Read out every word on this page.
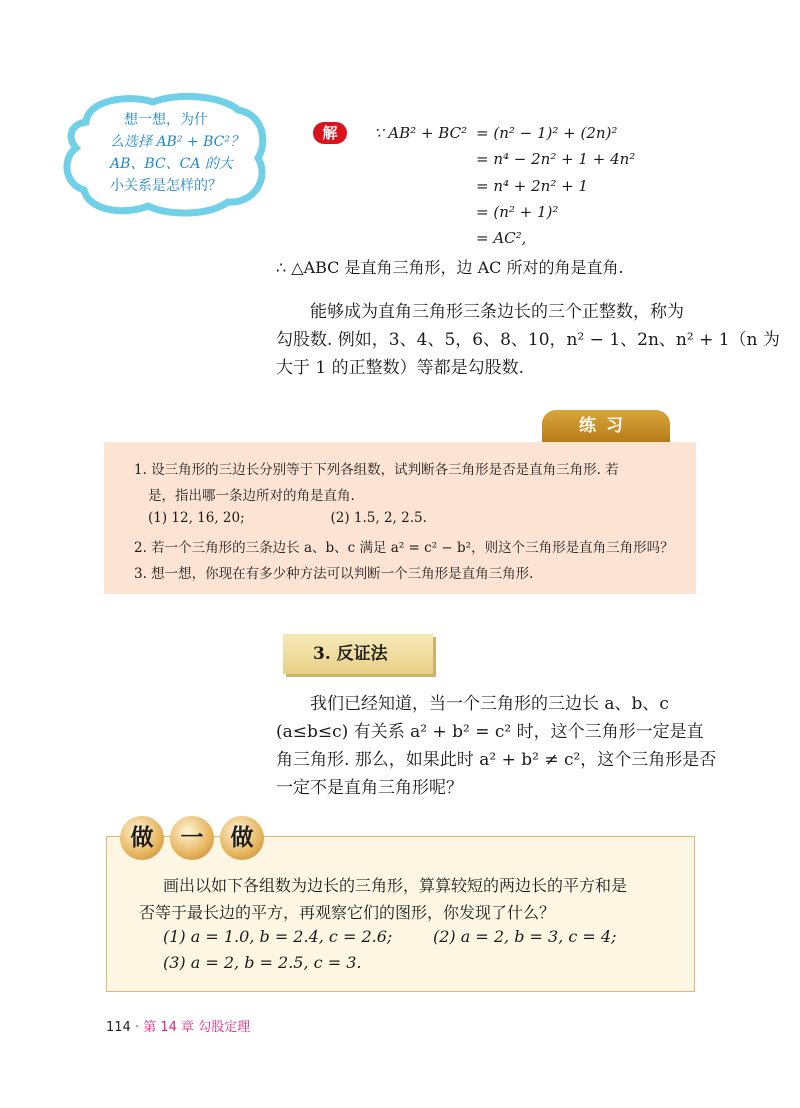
想一想，为什

么选择 AB² + BC²？

AB、BC、CA 的大

小关系是怎样的？

解	∵ AB² + BC² = (n² − 1)² + (2n)²
= n⁴ − 2n² + 1 + 4n²
= n⁴ + 2n² + 1
= (n² + 1)²
= AC²,
∴ △ABC 是直角三角形，边 AC 所对的角是直角.
能够成为直角三角形三条边长的三个正整数，称为
勾股数. 例如，3、4、5，6、8、10，n² − 1、2n、n² + 1（n 为
大于 1 的正整数）等都是勾股数.
练习
1. 设三角形的三边长分别等于下列各组数，试判断各三角形是否是直角三角形. 若
是，指出哪一条边所对的角是直角.
(1) 12, 16, 20;                    (2) 1.5, 2, 2.5.
2. 若一个三角形的三条边长 a、b、c 满足 a² = c² − b²，则这个三角形是直角三角形吗？
3. 想一想，你现在有多少种方法可以判断一个三角形是直角三角形.
3. 反证法
我们已经知道，当一个三角形的三边长 a、b、c
(a≤b≤c) 有关系 a² + b² = c² 时，这个三角形一定是直
角三角形. 那么，如果此时 a² + b² ≠ c²，这个三角形是否
一定不是直角三角形呢？
画出以如下各组数为边长的三角形，算算较短的两边长的平方和是
否等于最长边的平方，再观察它们的图形，你发现了什么？
(1) a = 1.0, b = 2.4, c = 2.6;        (2) a = 2, b = 3, c = 4;
(3) a = 2, b = 2.5, c = 3.
做	一	做
114 · 第 14 章 勾股定理
